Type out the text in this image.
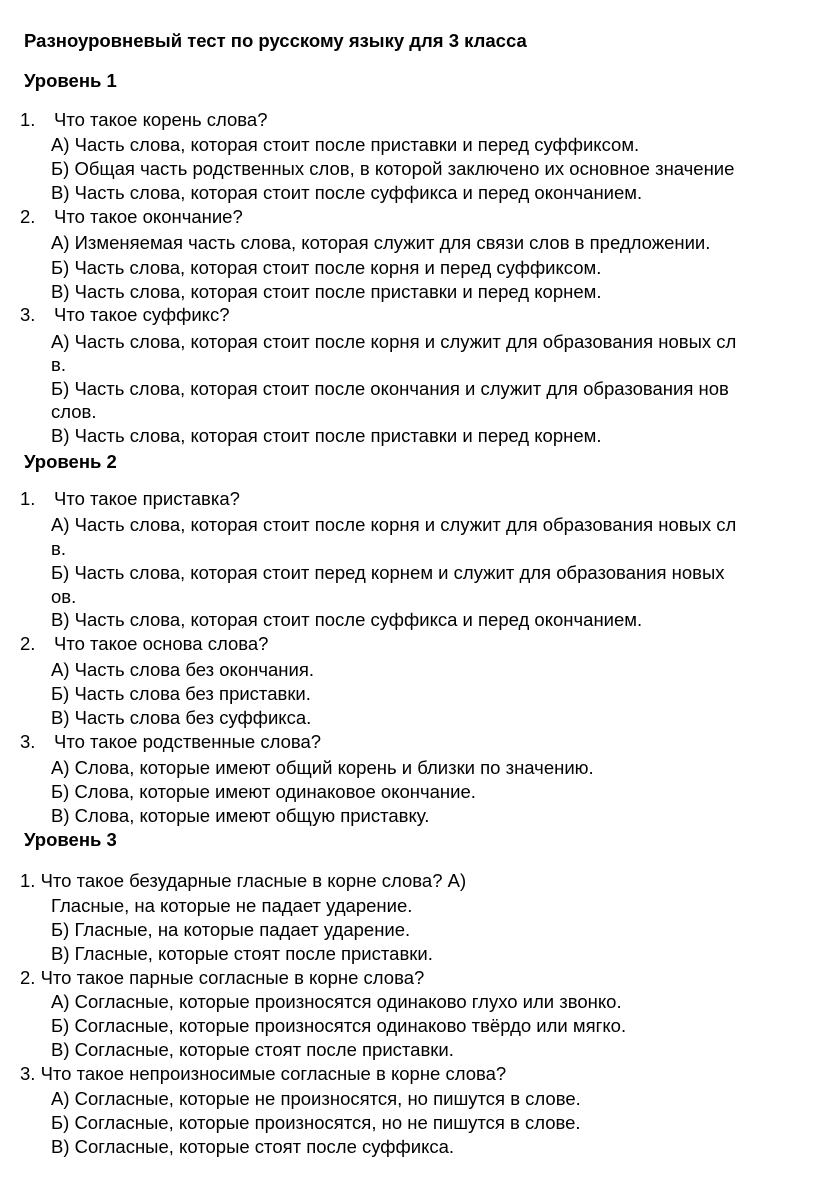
Разноуровневый тест по русскому языку для 3 класса
Уровень 1
1. Что такое корень слова?
А) Часть слова, которая стоит после приставки и перед суффиксом.
Б) Общая часть родственных слов, в которой заключено их основное значение
В) Часть слова, которая стоит после суффикса и перед окончанием.
2. Что такое окончание?
А) Изменяемая часть слова, которая служит для связи слов в предложении.
Б) Часть слова, которая стоит после корня и перед суффиксом.
В) Часть слова, которая стоит после приставки и перед корнем.
3. Что такое суффикс?
А) Часть слова, которая стоит после корня и служит для образования новых сл
в.
Б) Часть слова, которая стоит после окончания и служит для образования нов
слов.
В) Часть слова, которая стоит после приставки и перед корнем.
Уровень 2
1. Что такое приставка?
А) Часть слова, которая стоит после корня и служит для образования новых сл
в.
Б) Часть слова, которая стоит перед корнем и служит для образования новых
ов.
В) Часть слова, которая стоит после суффикса и перед окончанием.
2. Что такое основа слова?
А) Часть слова без окончания.
Б) Часть слова без приставки.
В) Часть слова без суффикса.
3. Что такое родственные слова?
А) Слова, которые имеют общий корень и близки по значению.
Б) Слова, которые имеют одинаковое окончание.
В) Слова, которые имеют общую приставку.
Уровень 3
1. Что такое безударные гласные в корне слова? А)
Гласные, на которые не падает ударение.
Б) Гласные, на которые падает ударение.
В) Гласные, которые стоят после приставки.
2. Что такое парные согласные в корне слова?
А) Согласные, которые произносятся одинаково глухо или звонко.
Б) Согласные, которые произносятся одинаково твёрдо или мягко.
В) Согласные, которые стоят после приставки.
3. Что такое непроизносимые согласные в корне слова?
А) Согласные, которые не произносятся, но пишутся в слове.
Б) Согласные, которые произносятся, но не пишутся в слове.
В) Согласные, которые стоят после суффикса.
